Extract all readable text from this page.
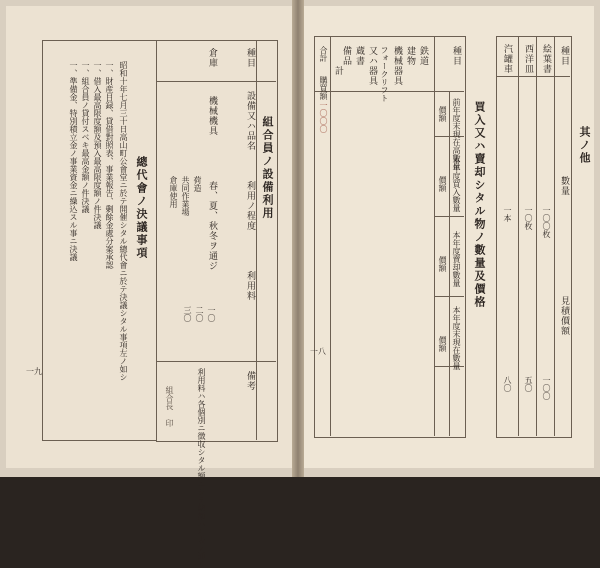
其ノ他
種目
數量
見積價額
絵葉書
一〇〇枚
一〇〇
西洋皿
一〇枚
五〇
汽罐車
一本
八〇
買入又ハ賣却シタル物ノ數量及價格
種目
前年度末現在高數量
價額
本年度買入數量
價額
本年度賣却數量
價額
本年度末現在數量
價額
鉄道
建物
機械器具
フォークリフト
又ハ器具
蔵書
備品
計
合計
一〇〇〇
購買額
一八
組合員ノ設備利用
種目
設備又ハ品名
利用ノ程度
利用料
備考
倉庫
機械機具
春、夏、秋冬ヲ通ジ
荷造
共同作業場
倉庫使用
一〇
二〇
三〇
利用料ハ各個別ニ徴収シタル額ニシテ總額ハ右表ノ通リ
組合長 印
總代會ノ決議事項
昭和十年七月三十日高山町公會堂ニ於テ開催シタル總代會ニ於テ決議シタル事項左ノ如シ
一、財産目録、貸借對照表、事業報告、剰餘金處分案承認
一、借入最高限度額及預入最高限度額ノ件決議
一、組合員ノ貸付スベキ最高金額ノ件決議
一、準備金、特別積立金ノ事業資金ニ繰込スル事ニ決議
一九
